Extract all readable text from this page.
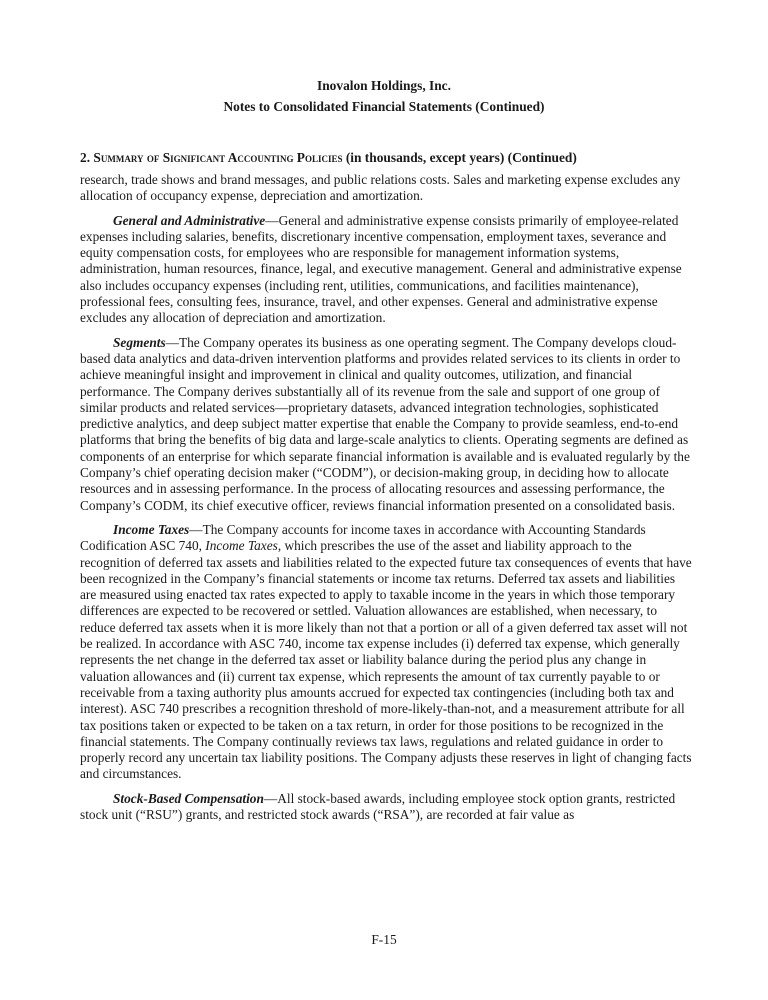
Inovalon Holdings, Inc.
Notes to Consolidated Financial Statements (Continued)
2. Summary of Significant Accounting Policies (in thousands, except years) (Continued)

research, trade shows and brand messages, and public relations costs. Sales and marketing expense excludes any allocation of occupancy expense, depreciation and amortization.

General and Administrative—General and administrative expense consists primarily of employee-related expenses including salaries, benefits, discretionary incentive compensation, employment taxes, severance and equity compensation costs, for employees who are responsible for management information systems, administration, human resources, finance, legal, and executive management. General and administrative expense also includes occupancy expenses (including rent, utilities, communications, and facilities maintenance), professional fees, consulting fees, insurance, travel, and other expenses. General and administrative expense excludes any allocation of depreciation and amortization.

Segments—The Company operates its business as one operating segment. The Company develops cloud-based data analytics and data-driven intervention platforms and provides related services to its clients in order to achieve meaningful insight and improvement in clinical and quality outcomes, utilization, and financial performance. The Company derives substantially all of its revenue from the sale and support of one group of similar products and related services—proprietary datasets, advanced integration technologies, sophisticated predictive analytics, and deep subject matter expertise that enable the Company to provide seamless, end-to-end platforms that bring the benefits of big data and large-scale analytics to clients. Operating segments are defined as components of an enterprise for which separate financial information is available and is evaluated regularly by the Company’s chief operating decision maker (“CODM”), or decision-making group, in deciding how to allocate resources and in assessing performance. In the process of allocating resources and assessing performance, the Company’s CODM, its chief executive officer, reviews financial information presented on a consolidated basis.

Income Taxes—The Company accounts for income taxes in accordance with Accounting Standards Codification ASC 740, Income Taxes, which prescribes the use of the asset and liability approach to the recognition of deferred tax assets and liabilities related to the expected future tax consequences of events that have been recognized in the Company’s financial statements or income tax returns. Deferred tax assets and liabilities are measured using enacted tax rates expected to apply to taxable income in the years in which those temporary differences are expected to be recovered or settled. Valuation allowances are established, when necessary, to reduce deferred tax assets when it is more likely than not that a portion or all of a given deferred tax asset will not be realized. In accordance with ASC 740, income tax expense includes (i) deferred tax expense, which generally represents the net change in the deferred tax asset or liability balance during the period plus any change in valuation allowances and (ii) current tax expense, which represents the amount of tax currently payable to or receivable from a taxing authority plus amounts accrued for expected tax contingencies (including both tax and interest). ASC 740 prescribes a recognition threshold of more-likely-than-not, and a measurement attribute for all tax positions taken or expected to be taken on a tax return, in order for those positions to be recognized in the financial statements. The Company continually reviews tax laws, regulations and related guidance in order to properly record any uncertain tax liability positions. The Company adjusts these reserves in light of changing facts and circumstances.

Stock-Based Compensation—All stock-based awards, including employee stock option grants, restricted stock unit (“RSU”) grants, and restricted stock awards (“RSA”), are recorded at fair value as

F-15
